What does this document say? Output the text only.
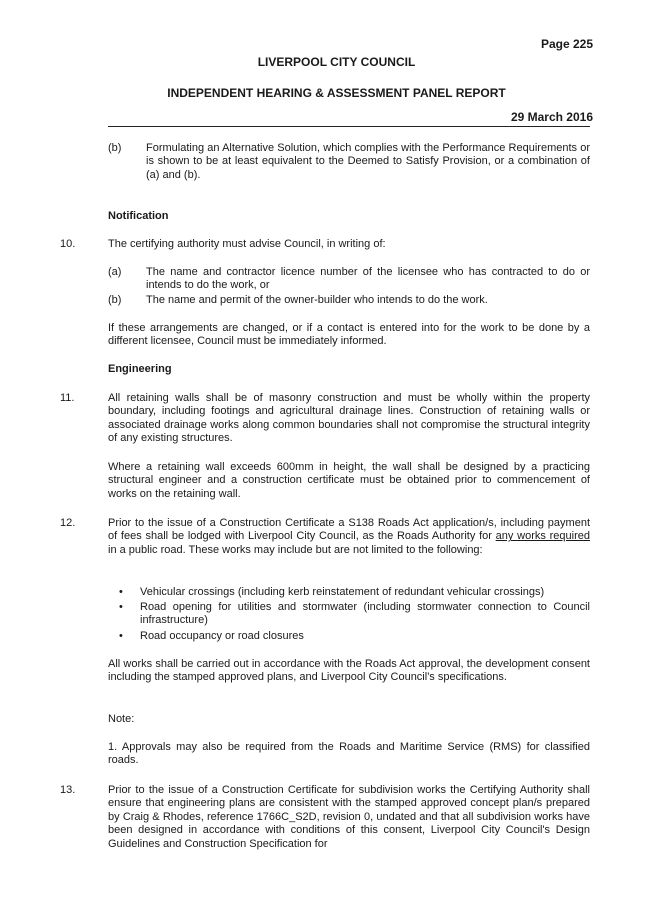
Page 225
LIVERPOOL CITY COUNCIL
INDEPENDENT HEARING & ASSESSMENT PANEL REPORT
29 March 2016
(b) Formulating an Alternative Solution, which complies with the Performance Requirements or is shown to be at least equivalent to the Deemed to Satisfy Provision, or a combination of (a) and (b).
Notification
10.	The certifying authority must advise Council, in writing of:
(a) The name and contractor licence number of the licensee who has contracted to do or intends to do the work, or
(b) The name and permit of the owner-builder who intends to do the work.
If these arrangements are changed, or if a contact is entered into for the work to be done by a different licensee, Council must be immediately informed.
Engineering
11.	All retaining walls shall be of masonry construction and must be wholly within the property boundary, including footings and agricultural drainage lines. Construction of retaining walls or associated drainage works along common boundaries shall not compromise the structural integrity of any existing structures.
Where a retaining wall exceeds 600mm in height, the wall shall be designed by a practicing structural engineer and a construction certificate must be obtained prior to commencement of works on the retaining wall.
12.	Prior to the issue of a Construction Certificate a S138 Roads Act application/s, including payment of fees shall be lodged with Liverpool City Council, as the Roads Authority for any works required in a public road. These works may include but are not limited to the following:
• Vehicular crossings (including kerb reinstatement of redundant vehicular crossings)
• Road opening for utilities and stormwater (including stormwater connection to Council infrastructure)
• Road occupancy or road closures
All works shall be carried out in accordance with the Roads Act approval, the development consent including the stamped approved plans, and Liverpool City Council's specifications.
Note:
1. Approvals may also be required from the Roads and Maritime Service (RMS) for classified roads.
13.	Prior to the issue of a Construction Certificate for subdivision works the Certifying Authority shall ensure that engineering plans are consistent with the stamped approved concept plan/s prepared by Craig & Rhodes, reference 1766C_S2D, revision 0, undated and that all subdivision works have been designed in accordance with conditions of this consent, Liverpool City Council's Design Guidelines and Construction Specification for
